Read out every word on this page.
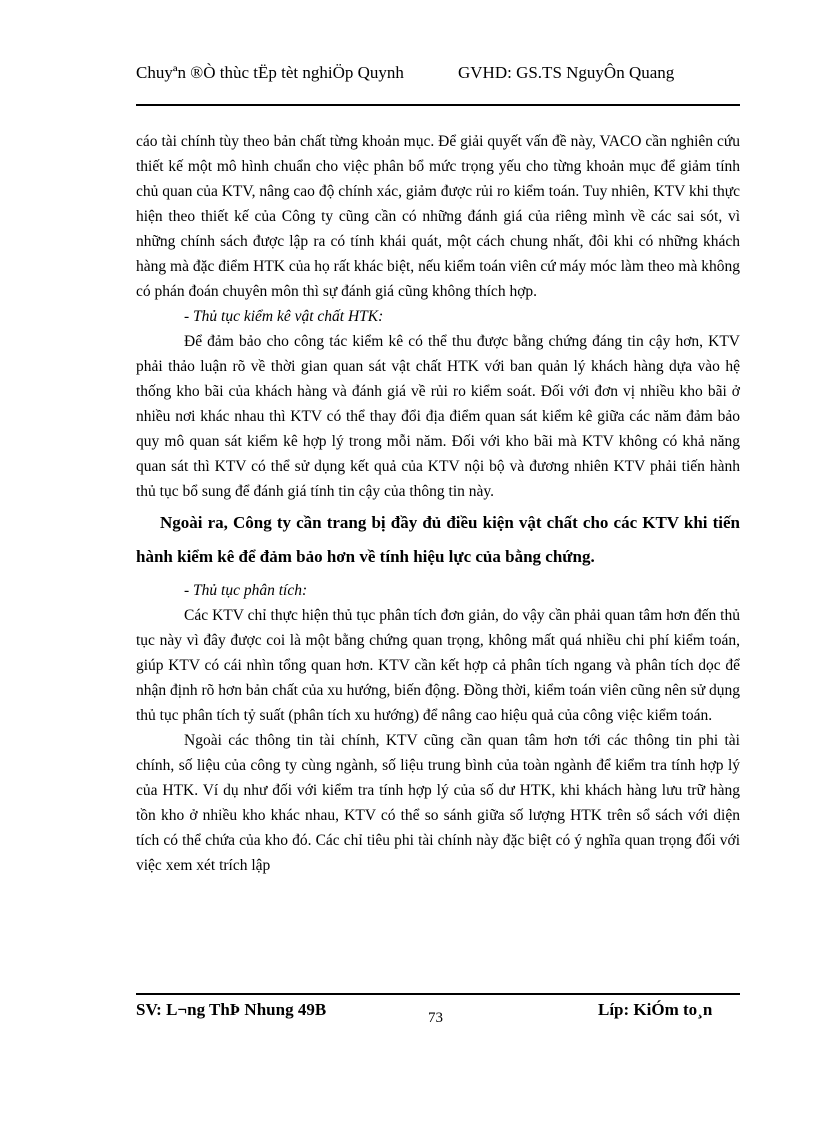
Chuyªn ®Ò thùc tËp tèt nghiÖp Quynh	GVHD: GS.TS NguyÔn Quang

cáo tài chính tùy theo bản chất từng khoản mục. Để giải quyết vấn đề này, VACO cần nghiên cứu thiết kế một mô hình chuẩn cho việc phân bổ mức trọng yếu cho từng khoản mục để giảm tính chủ quan của KTV, nâng cao độ chính xác, giảm được rủi ro kiểm toán. Tuy nhiên, KTV khi thực hiện theo thiết kế của Công ty cũng cần có những đánh giá của riêng mình về các sai sót, vì những chính sách được lập ra có tính khái quát, một cách chung nhất, đôi khi có những khách hàng mà đặc điểm HTK của họ rất khác biệt, nếu kiểm toán viên cứ máy móc làm theo mà không có phán đoán chuyên môn thì sự đánh giá cũng không thích hợp.

- Thủ tục kiểm kê vật chất HTK:

Để đảm bảo cho công tác kiểm kê có thể thu được bằng chứng đáng tin cậy hơn, KTV phải thảo luận rõ về thời gian quan sát vật chất HTK với ban quản lý khách hàng dựa vào hệ thống kho bãi của khách hàng và đánh giá về rủi ro kiểm soát. Đối với đơn vị nhiều kho bãi ở nhiều nơi khác nhau thì KTV có thể thay đổi địa điểm quan sát kiểm kê giữa các năm đảm bảo quy mô quan sát kiểm kê hợp lý trong mỗi năm. Đối với kho bãi mà KTV không có khả năng quan sát thì KTV có thể sử dụng kết quả của KTV nội bộ và đương nhiên KTV phải tiến hành thủ tục bổ sung để đánh giá tính tin cậy của thông tin này.

Ngoài ra, Công ty cần trang bị đầy đủ điều kiện vật chất cho các KTV khi tiến hành kiểm kê để đảm bảo hơn về tính hiệu lực của bằng chứng.

- Thủ tục phân tích:

Các KTV chỉ thực hiện thủ tục phân tích đơn giản, do vậy cần phải quan tâm hơn đến thủ tục này vì đây được coi là một bằng chứng quan trọng, không mất quá nhiều chi phí kiểm toán, giúp KTV có cái nhìn tổng quan hơn. KTV cần kết hợp cả phân tích ngang và phân tích dọc để nhận định rõ hơn bản chất của xu hướng, biến động. Đồng thời, kiểm toán viên cũng nên sử dụng thủ tục phân tích tỷ suất (phân tích xu hướng) để nâng cao hiệu quả của công việc kiểm toán.

Ngoài các thông tin tài chính, KTV cũng cần quan tâm hơn tới các thông tin phi tài chính, số liệu của công ty cùng ngành, số liệu trung bình của toàn ngành để kiểm tra tính hợp lý của HTK. Ví dụ như đối với kiểm tra tính hợp lý của số dư HTK, khi khách hàng lưu trữ hàng tồn kho ở nhiều kho khác nhau, KTV có thể so sánh giữa số lượng HTK trên sổ sách với diện tích có thể chứa của kho đó. Các chỉ tiêu phi tài chính này đặc biệt có ý nghĩa quan trọng đối với việc xem xét trích lập

SV: L¬ng ThÞ Nhung 49B	73	Líp: KiÓm to¸n
